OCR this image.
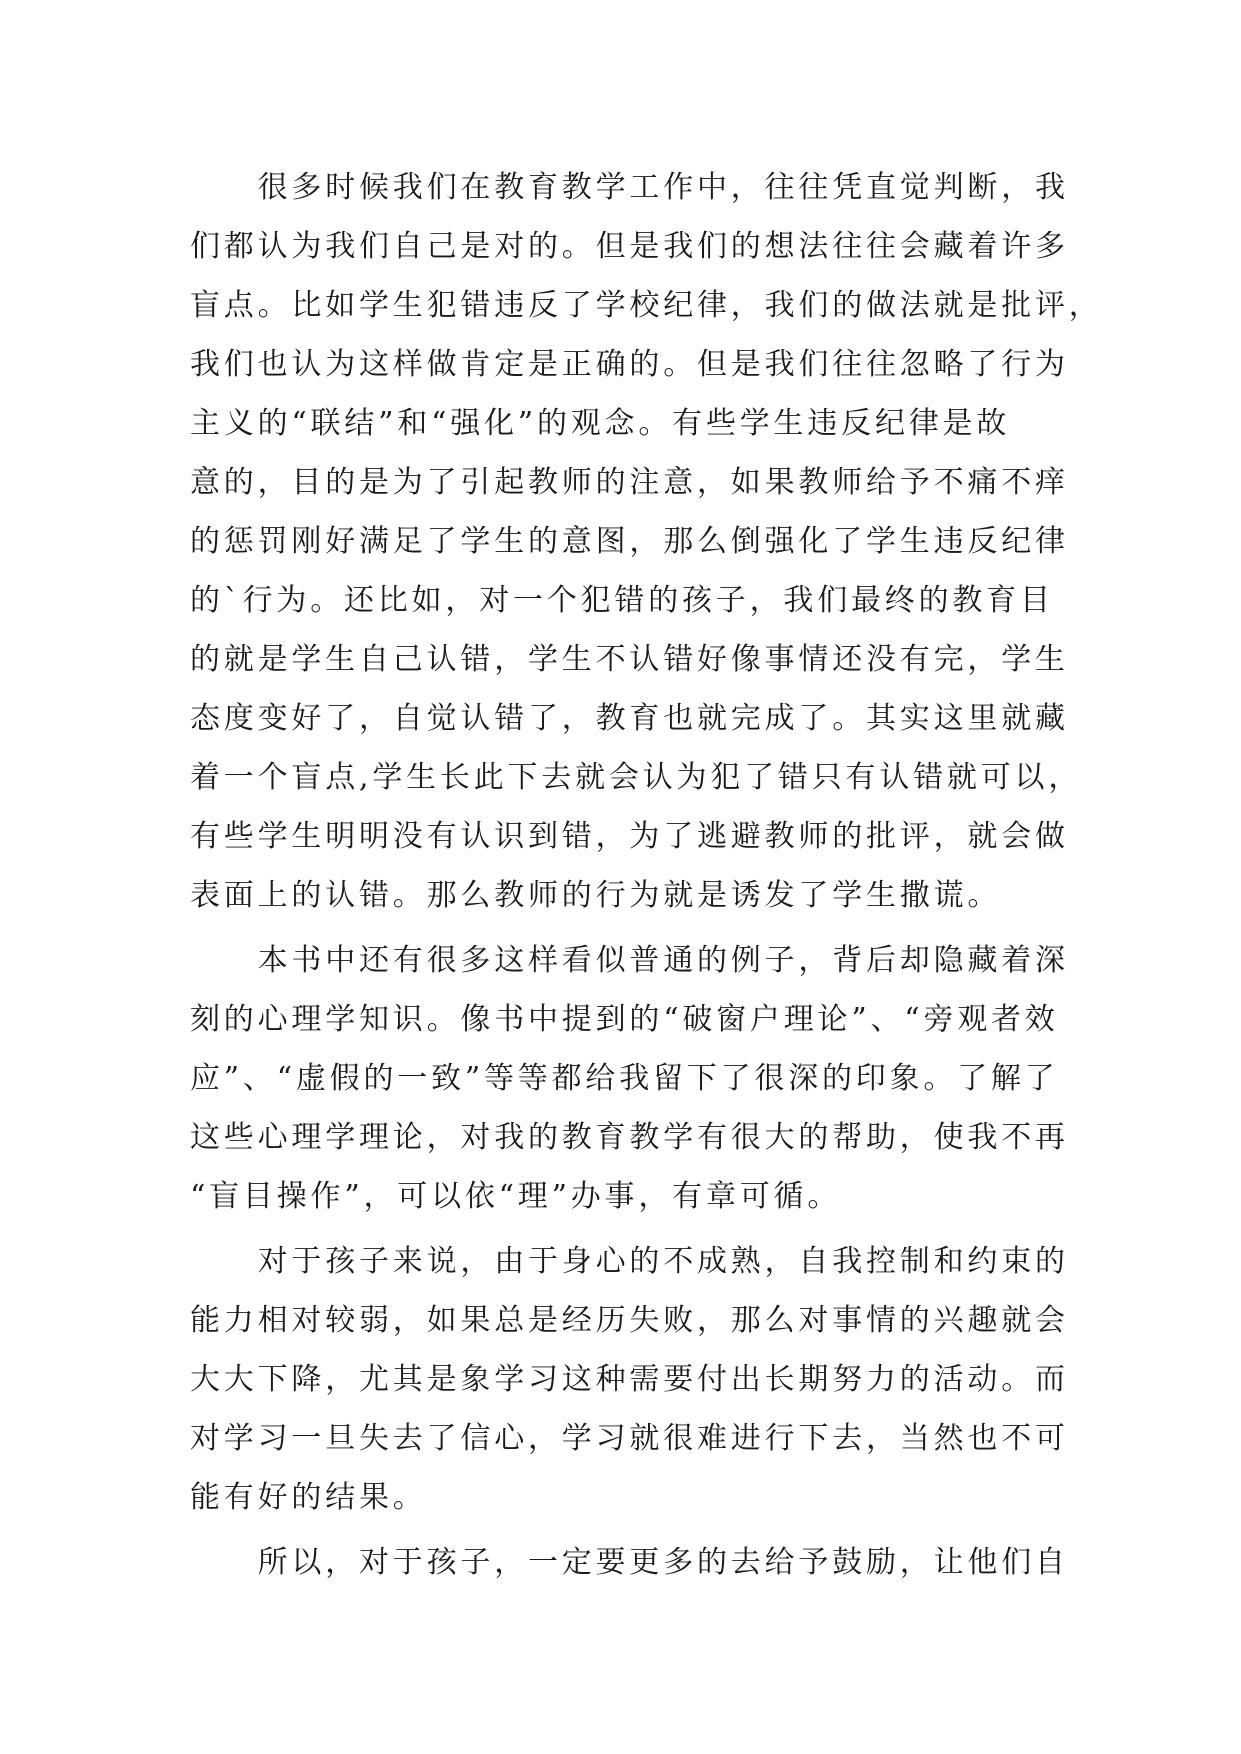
　　很多时候我们在教育教学工作中，往往凭直觉判断，我
们都认为我们自己是对的。但是我们的想法往往会藏着许多
盲点。比如学生犯错违反了学校纪律，我们的做法就是批评，
我们也认为这样做肯定是正确的。但是我们往往忽略了行为
主义的“联结”和“强化”的观念。有些学生违反纪律是故
意的，目的是为了引起教师的注意，如果教师给予不痛不痒
的惩罚刚好满足了学生的意图，那么倒强化了学生违反纪律
的`行为。还比如，对一个犯错的孩子，我们最终的教育目
的就是学生自己认错，学生不认错好像事情还没有完，学生
态度变好了，自觉认错了，教育也就完成了。其实这里就藏
着一个盲点,学生长此下去就会认为犯了错只有认错就可以，
有些学生明明没有认识到错，为了逃避教师的批评，就会做
表面上的认错。那么教师的行为就是诱发了学生撒谎。
　　本书中还有很多这样看似普通的例子，背后却隐藏着深
刻的心理学知识。像书中提到的“破窗户理论”、“旁观者效
应”、“虚假的一致”等等都给我留下了很深的印象。了解了
这些心理学理论，对我的教育教学有很大的帮助，使我不再
“盲目操作”，可以依“理”办事，有章可循。
　　对于孩子来说，由于身心的不成熟，自我控制和约束的
能力相对较弱，如果总是经历失败，那么对事情的兴趣就会
大大下降，尤其是象学习这种需要付出长期努力的活动。而
对学习一旦失去了信心，学习就很难进行下去，当然也不可
能有好的结果。
　　所以，对于孩子，一定要更多的去给予鼓励，让他们自
